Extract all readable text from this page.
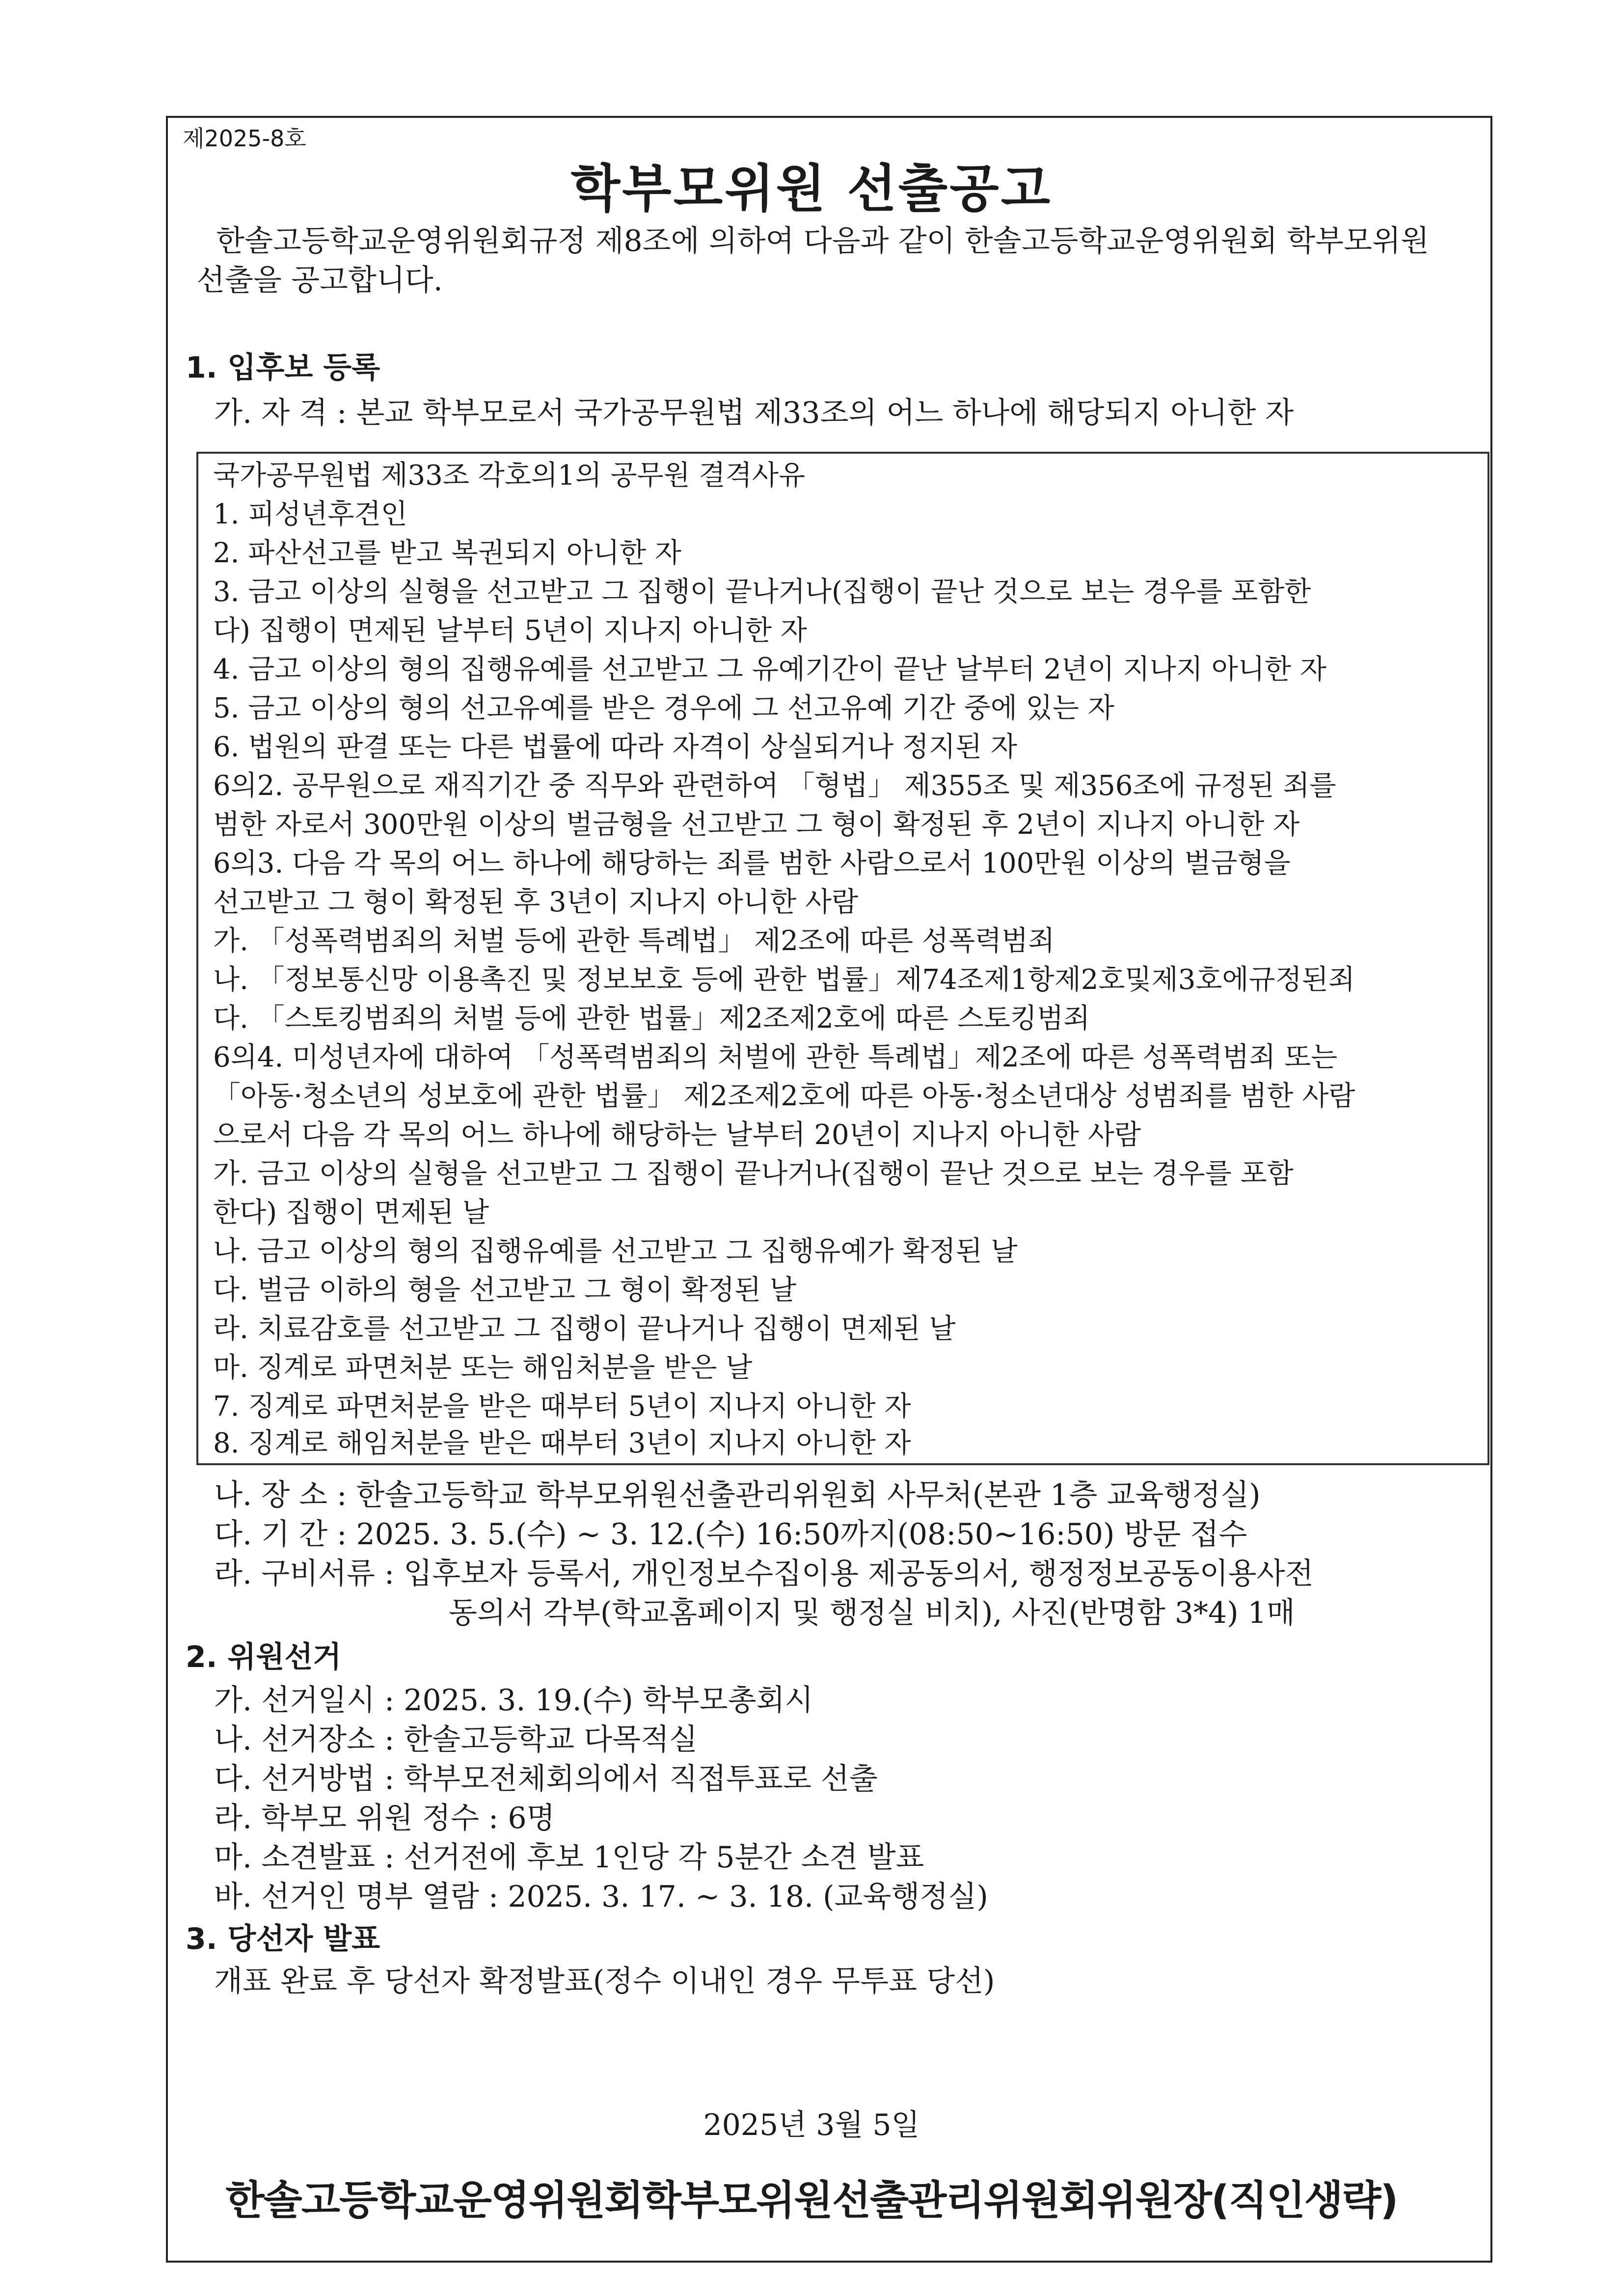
제2025-8호
학부모위원 선출공고
한솔고등학교운영위원회규정 제8조에 의하여 다음과 같이 한솔고등학교운영위원회 학부모위원
선출을 공고합니다.
1. 입후보 등록
가. 자 격 : 본교 학부모로서 국가공무원법 제33조의 어느 하나에 해당되지 아니한 자
국가공무원법 제33조 각호의1의 공무원 결격사유
1. 피성년후견인
2. 파산선고를 받고 복권되지 아니한 자
3. 금고 이상의 실형을 선고받고 그 집행이 끝나거나(집행이 끝난 것으로 보는 경우를 포함한
다) 집행이 면제된 날부터 5년이 지나지 아니한 자
4. 금고 이상의 형의 집행유예를 선고받고 그 유예기간이 끝난 날부터 2년이 지나지 아니한 자
5. 금고 이상의 형의 선고유예를 받은 경우에 그 선고유예 기간 중에 있는 자
6. 법원의 판결 또는 다른 법률에 따라 자격이 상실되거나 정지된 자
6의2. 공무원으로 재직기간 중 직무와 관련하여 「형법」 제355조 및 제356조에 규정된 죄를
범한 자로서 300만원 이상의 벌금형을 선고받고 그 형이 확정된 후 2년이 지나지 아니한 자
6의3. 다음 각 목의 어느 하나에 해당하는 죄를 범한 사람으로서 100만원 이상의 벌금형을
선고받고 그 형이 확정된 후 3년이 지나지 아니한 사람
가. 「성폭력범죄의 처벌 등에 관한 특례법」 제2조에 따른 성폭력범죄
나. 「정보통신망 이용촉진 및 정보보호 등에 관한 법률」제74조제1항제2호및제3호에규정된죄
다. 「스토킹범죄의 처벌 등에 관한 법률」제2조제2호에 따른 스토킹범죄
6의4. 미성년자에 대하여 「성폭력범죄의 처벌에 관한 특례법」제2조에 따른 성폭력범죄 또는
「아동·청소년의 성보호에 관한 법률」 제2조제2호에 따른 아동·청소년대상 성범죄를 범한 사람
으로서 다음 각 목의 어느 하나에 해당하는 날부터 20년이 지나지 아니한 사람
가. 금고 이상의 실형을 선고받고 그 집행이 끝나거나(집행이 끝난 것으로 보는 경우를 포함
한다) 집행이 면제된 날
나. 금고 이상의 형의 집행유예를 선고받고 그 집행유예가 확정된 날
다. 벌금 이하의 형을 선고받고 그 형이 확정된 날
라. 치료감호를 선고받고 그 집행이 끝나거나 집행이 면제된 날
마. 징계로 파면처분 또는 해임처분을 받은 날
7. 징계로 파면처분을 받은 때부터 5년이 지나지 아니한 자
8. 징계로 해임처분을 받은 때부터 3년이 지나지 아니한 자
나. 장 소 : 한솔고등학교 학부모위원선출관리위원회 사무처(본관 1층 교육행정실)
다. 기 간 : 2025. 3. 5.(수) ~ 3. 12.(수) 16:50까지(08:50~16:50) 방문 접수
라. 구비서류 : 입후보자 등록서, 개인정보수집이용 제공동의서, 행정정보공동이용사전
동의서 각부(학교홈페이지 및 행정실 비치), 사진(반명함 3*4) 1매
2. 위원선거
가. 선거일시 : 2025. 3. 19.(수) 학부모총회시
나. 선거장소 : 한솔고등학교 다목적실
다. 선거방법 : 학부모전체회의에서 직접투표로 선출
라. 학부모 위원 정수 : 6명
마. 소견발표 : 선거전에 후보 1인당 각 5분간 소견 발표
바. 선거인 명부 열람 : 2025. 3. 17. ~ 3. 18. (교육행정실)
3. 당선자 발표
개표 완료 후 당선자 확정발표(정수 이내인 경우 무투표 당선)
2025년 3월 5일
한솔고등학교운영위원회학부모위원선출관리위원회위원장(직인생략)
